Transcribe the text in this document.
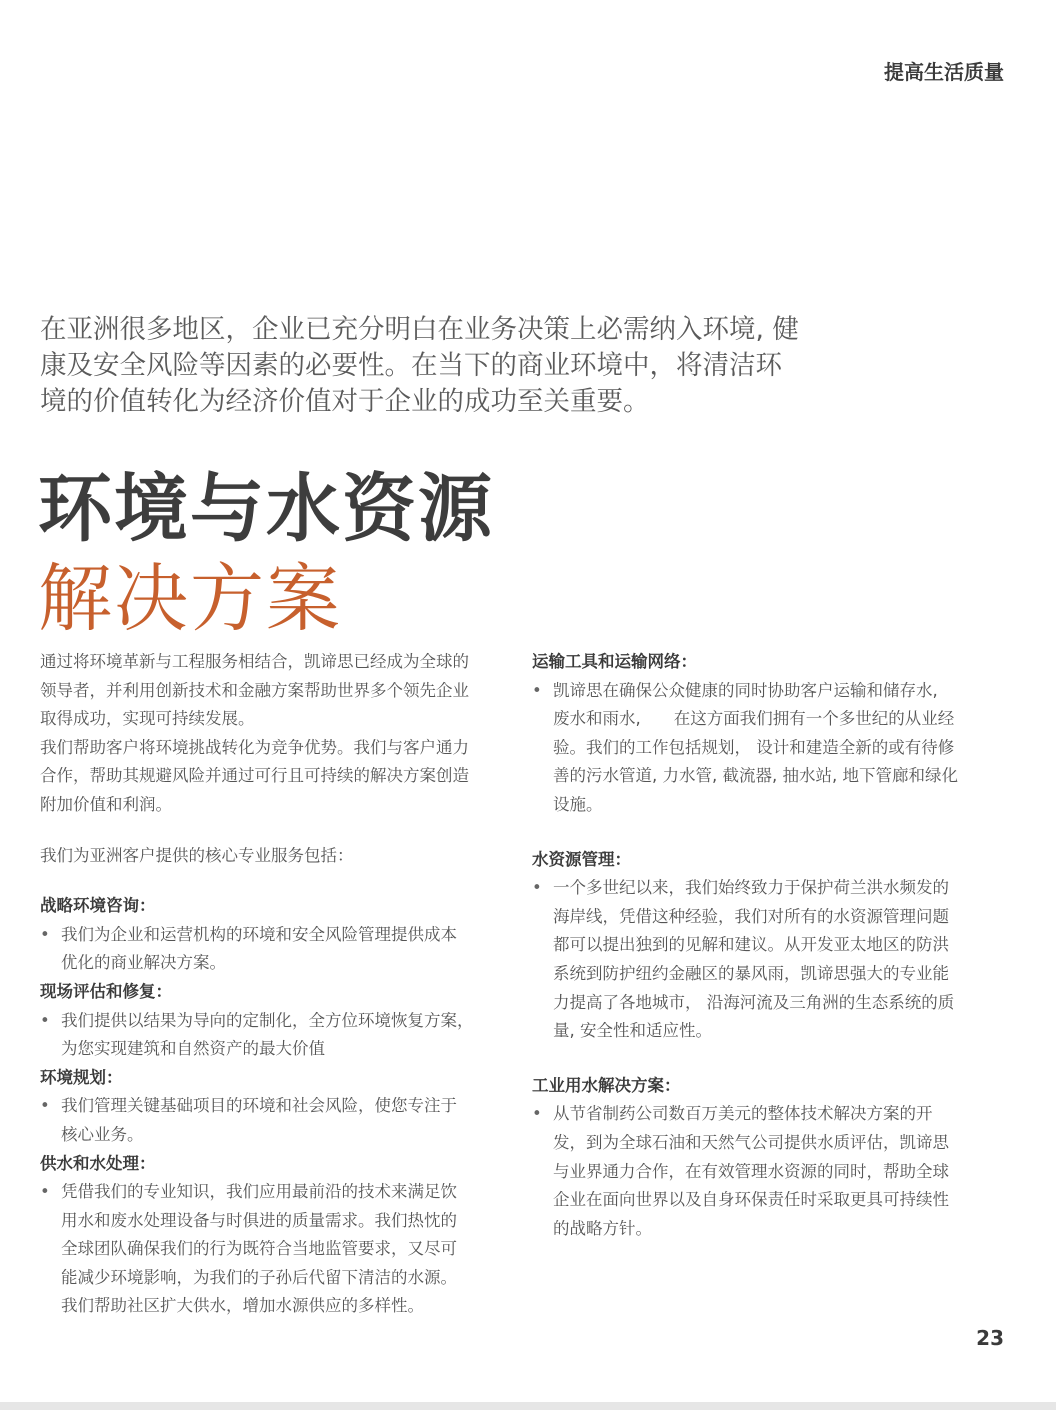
提高生活质量

在亚洲很多地区，企业已充分明白在业务决策上必需纳入环境, 健

康及安全风险等因素的必要性。在当下的商业环境中，将清洁环

境的价值转化为经济价值对于企业的成功至关重要。

环境与水资源
解决方案
通过将环境革新与工程服务相结合，凯谛思已经成为全球的
领导者，并利用创新技术和金融方案帮助世界多个领先企业
取得成功，实现可持续发展。
我们帮助客户将环境挑战转化为竞争优势。我们与客户通力
合作，帮助其规避风险并通过可行且可持续的解决方案创造
附加价值和利润。
我们为亚洲客户提供的核心专业服务包括：
战略环境咨询：
• 我们为企业和运营机构的环境和安全风险管理提供成本
优化的商业解决方案。
现场评估和修复：
• 我们提供以结果为导向的定制化，全方位环境恢复方案，
为您实现建筑和自然资产的最大价值
环境规划：
• 我们管理关键基础项目的环境和社会风险，使您专注于
核心业务。
供水和水处理：
• 凭借我们的专业知识，我们应用最前沿的技术来满足饮
用水和废水处理设备与时俱进的质量需求。我们热忱的
全球团队确保我们的行为既符合当地监管要求，又尽可
能减少环境影响，为我们的子孙后代留下清洁的水源。
我们帮助社区扩大供水，增加水源供应的多样性。
运输工具和运输网络：
• 凯谛思在确保公众健康的同时协助客户运输和储存水,
废水和雨水,　　在这方面我们拥有一个多世纪的从业经
验。我们的工作包括规划， 设计和建造全新的或有待修
善的污水管道, 力水管, 截流器, 抽水站, 地下管廊和绿化
设施。
水资源管理：
• 一个多世纪以来，我们始终致力于保护荷兰洪水频发的
海岸线，凭借这种经验，我们对所有的水资源管理问题
都可以提出独到的见解和建议。从开发亚太地区的防洪
系统到防护纽约金融区的暴风雨，凯谛思强大的专业能
力提高了各地城市， 沿海河流及三角洲的生态系统的质
量, 安全性和适应性。
工业用水解决方案：
• 从节省制药公司数百万美元的整体技术解决方案的开
发，到为全球石油和天然气公司提供水质评估，凯谛思
与业界通力合作，在有效管理水资源的同时，帮助全球
企业在面向世界以及自身环保责任时采取更具可持续性
的战略方针。
23
